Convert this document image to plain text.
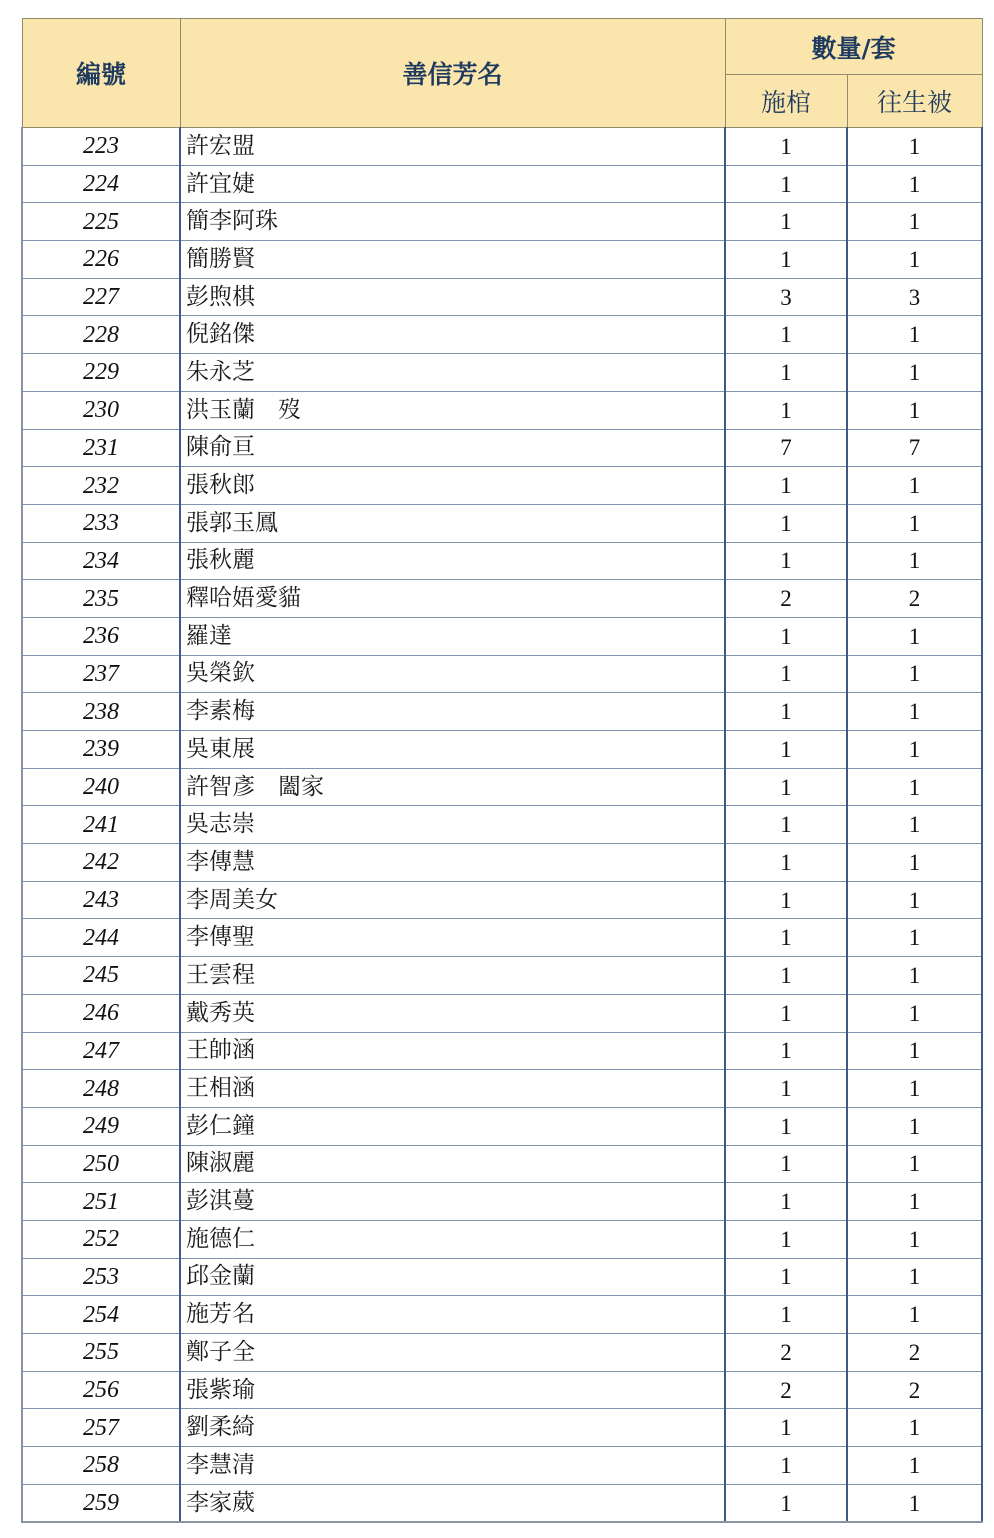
編號	善信芳名	數量/套	
		施棺	往生被
223	許宏盟	1	1
224	許宜婕	1	1
225	簡李阿珠	1	1
226	簡勝賢	1	1
227	彭煦棋	3	3
228	倪銘傑	1	1
229	朱永芝	1	1
230	洪玉蘭　歿	1	1
231	陳俞亘	7	7
232	張秋郎	1	1
233	張郭玉鳳	1	1
234	張秋麗	1	1
235	釋哈娪愛貓	2	2
236	羅達	1	1
237	吳榮欽	1	1
238	李素梅	1	1
239	吳東展	1	1
240	許智彥　闔家	1	1
241	吳志崇	1	1
242	李傳慧	1	1
243	李周美女	1	1
244	李傳聖	1	1
245	王雲程	1	1
246	戴秀英	1	1
247	王帥涵	1	1
248	王相涵	1	1
249	彭仁鐘	1	1
250	陳淑麗	1	1
251	彭淇蔓	1	1
252	施德仁	1	1
253	邱金蘭	1	1
254	施芳名	1	1
255	鄭子全	2	2
256	張紫瑜	2	2
257	劉柔綺	1	1
258	李慧清	1	1
259	李家葳	1	1
